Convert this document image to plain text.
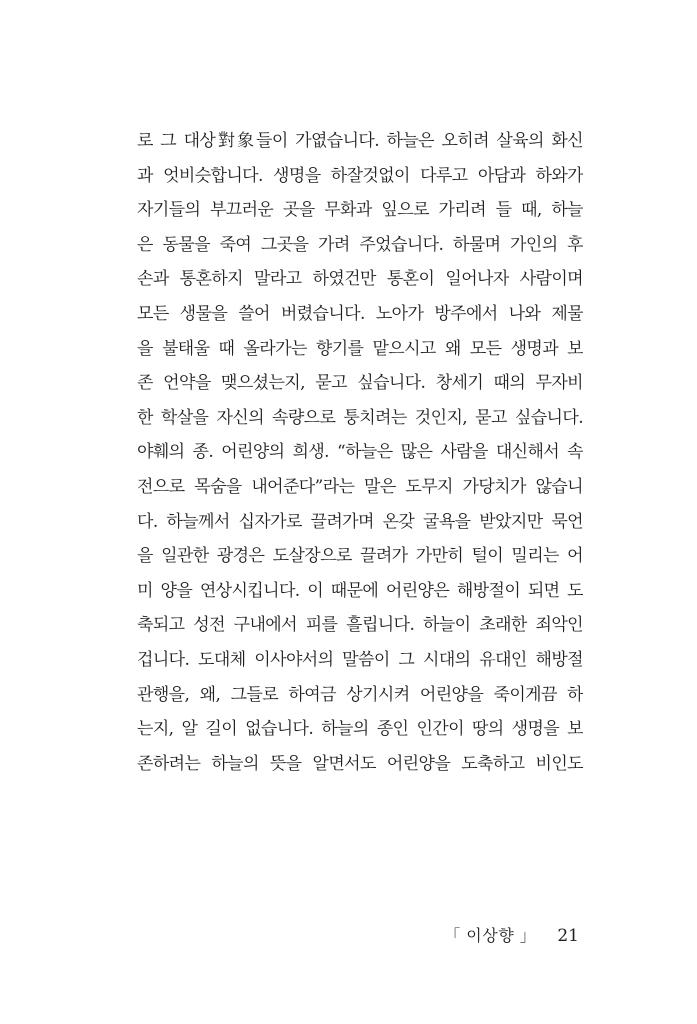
로 그 대상對象들이 가엾습니다. 하늘은 오히려 살육의 화신
과 엇비슷합니다. 생명을 하잘것없이 다루고 아담과 하와가
자기들의 부끄러운 곳을 무화과 잎으로 가리려 들 때, 하늘
은 동물을 죽여 그곳을 가려 주었습니다. 하물며 가인의 후
손과 통혼하지 말라고 하였건만 통혼이 일어나자 사람이며
모든 생물을 쓸어 버렸습니다. 노아가 방주에서 나와 제물
을 불태울 때 올라가는 향기를 맡으시고 왜 모든 생명과 보
존 언약을 맺으셨는지, 묻고 싶습니다. 창세기 때의 무자비
한 학살을 자신의 속량으로 퉁치려는 것인지, 묻고 싶습니다.
야훼의 종. 어린양의 희생. “하늘은 많은 사람을 대신해서 속
전으로 목숨을 내어준다”라는 말은 도무지 가당치가 않습니
다. 하늘께서 십자가로 끌려가며 온갖 굴욕을 받았지만 묵언
을 일관한 광경은 도살장으로 끌려가 가만히 털이 밀리는 어
미 양을 연상시킵니다. 이 때문에 어린양은 해방절이 되면 도
축되고 성전 구내에서 피를 흘립니다. 하늘이 초래한 죄악인
겁니다. 도대체 이사야서의 말씀이 그 시대의 유대인 해방절
관행을, 왜, 그들로 하여금 상기시켜 어린양을 죽이게끔 하
는지, 알 길이 없습니다. 하늘의 종인 인간이 땅의 생명을 보
존하려는 하늘의 뜻을 알면서도 어린양을 도축하고 비인도
「 이상향 」 21
